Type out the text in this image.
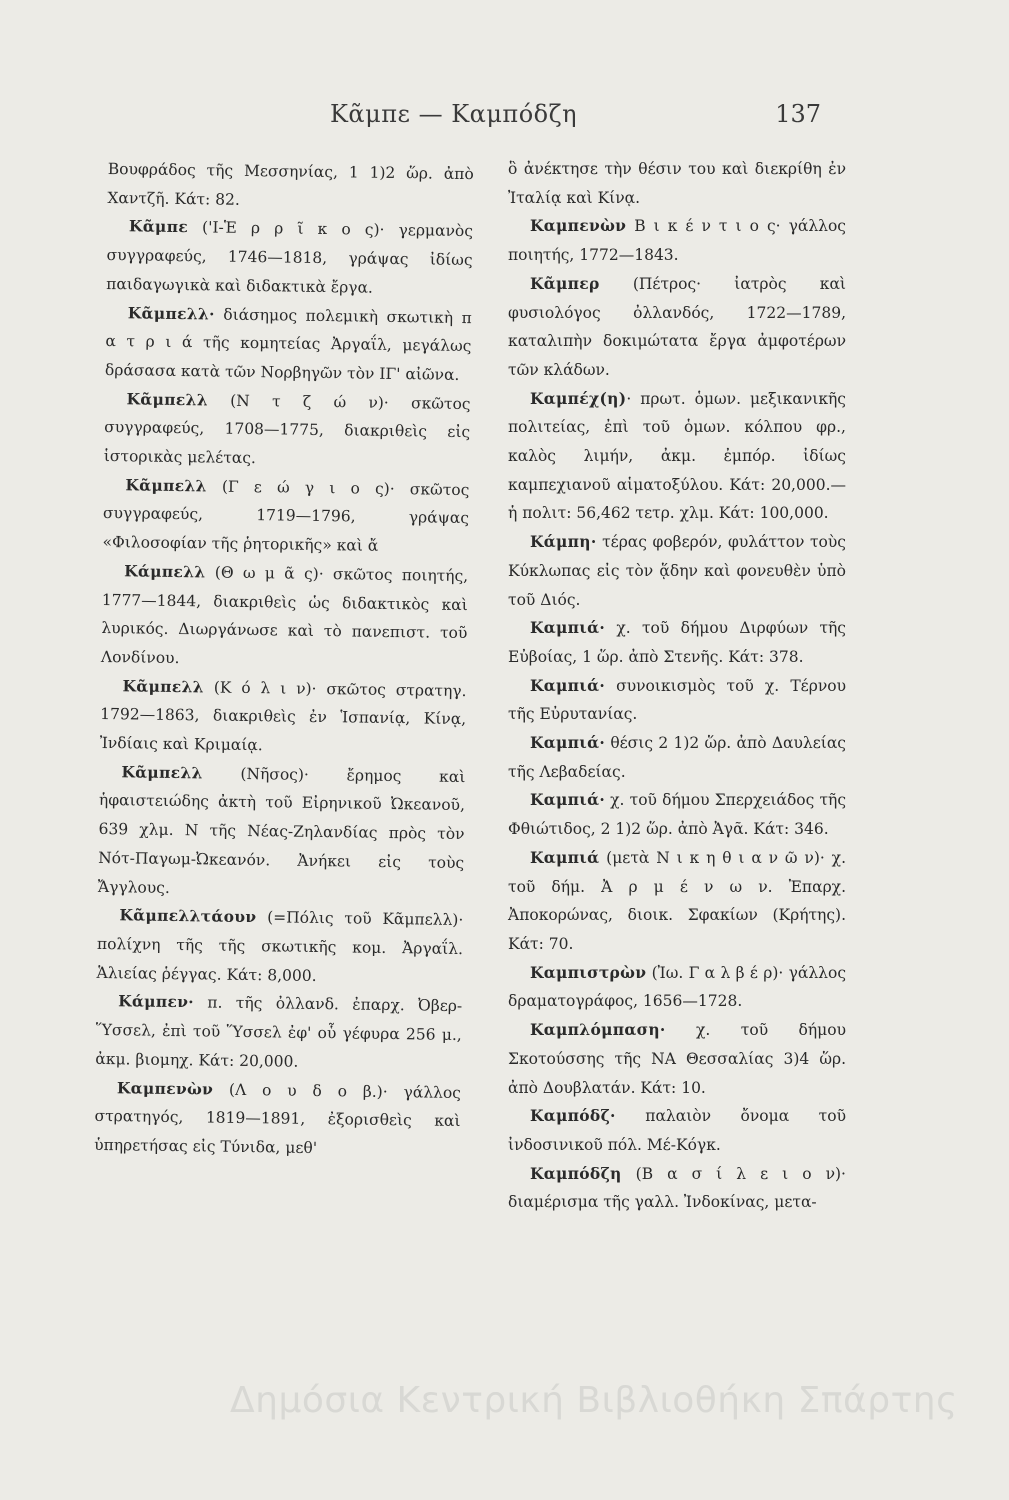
Κᾶμπε — Καμπόδζη	137

Βουφράδος τῆς Μεσσηνίας, 1 1)2 ὥρ. ἀπὸ Χαντζῆ. Κάτ: 82.

Κᾶμπε ('Ι-Ἑ ρ ρ ῖ κ ο ς)· γερμανὸς συγγραφεύς, 1746—1818, γράψας ἰδίως παιδαγωγικὰ καὶ διδακτικὰ ἔργα.

Κᾶμπελλ· διάσημος πολεμικὴ σκωτικὴ π α τ ρ ι ά τῆς κομητείας Ἀργαΐλ, μεγάλως δράσασα κατὰ τῶν Νορβηγῶν τὸν ΙΓ' αἰῶνα.

Κᾶμπελλ (Ν τ ζ ώ ν)· σκῶτος συγγραφεύς, 1708—1775, διακριθεὶς εἰς ἱστορικὰς μελέτας.

Κᾶμπελλ (Γ ε ώ γ ι ο ς)· σκῶτος συγγραφεύς, 1719—1796, γράψας «Φιλοσοφίαν τῆς ῥητορικῆς» καὶ ἄ

Κάμπελλ (Θ ω μ ᾶ ς)· σκῶτος ποιητής, 1777—1844, διακριθεὶς ὡς διδακτικὸς καὶ λυρικός. Διωργάνωσε καὶ τὸ πανεπιστ. τοῦ Λονδίνου.

Κᾶμπελλ (Κ ό λ ι ν)· σκῶτος στρατηγ. 1792—1863, διακριθεὶς ἐν Ἱσπανίᾳ, Κίνᾳ, Ἰνδίαις καὶ Κριμαίᾳ.

Κᾶμπελλ (Νῆσος)· ἔρημος καὶ ἡφαιστειώδης ἀκτὴ τοῦ Εἰρηνικοῦ Ὠκεανοῦ, 639 χλμ. Ν τῆς Νέας-Ζηλανδίας πρὸς τὸν Νότ-Παγωμ-Ὠκεανόν. Ἀνήκει εἰς τοὺς Ἄγγλους.

Κᾶμπελλτάουν (=Πόλις τοῦ Κᾶμπελλ)· πολίχνη τῆς τῆς σκωτικῆς κομ. Ἀργαΐλ. Ἁλιείας ῥέγγας. Κάτ: 8,000.

Κάμπεν· π. τῆς ὀλλανδ. ἐπαρχ. Ὀβερ-Ὕσσελ, ἐπὶ τοῦ Ὕσσελ ἐφ' οὗ γέφυρα 256 μ., ἀκμ. βιομηχ. Κάτ: 20,000.

Καμπενὼν (Λ ο υ δ ο β.)· γάλλος στρατηγός, 1819—1891, ἐξορισθεὶς καὶ ὑπηρετήσας εἰς Τύνιδα, μεθ'

ὃ ἀνέκτησε τὴν θέσιν του καὶ διεκρίθη ἐν Ἰταλίᾳ καὶ Κίνᾳ.

Καμπενὼν Β ι κ έ ν τ ι ο ς· γάλλος ποιητής, 1772—1843.

Κᾶμπερ (Πέτρος· ἰατρὸς καὶ φυσιολόγος ὀλλανδός, 1722—1789, καταλιπὴν δοκιμώτατα ἔργα ἀμφοτέρων τῶν κλάδων.

Καμπέχ(η)· πρωτ. ὁμων. μεξικανικῆς πολιτείας, ἐπὶ τοῦ ὁμων. κόλπου φρ., καλὸς λιμήν, ἀκμ. ἐμπόρ. ἰδίως καμπεχιανοῦ αἱματοξύλου. Κάτ: 20,000.—ἡ πολιτ: 56,462 τετρ. χλμ. Κάτ: 100,000.

Κάμπη· τέρας φοβερόν, φυλάττον τοὺς Κύκλωπας εἰς τὸν ᾅδην καὶ φονευθὲν ὑπὸ τοῦ Διός.

Καμπιά· χ. τοῦ δήμου Διρφύων τῆς Εὐβοίας, 1 ὥρ. ἀπὸ Στενῆς. Κάτ: 378.

Καμπιά· συνοικισμὸς τοῦ χ. Τέρνου τῆς Εὐρυτανίας.

Καμπιά· θέσις 2 1)2 ὥρ. ἀπὸ Δαυλείας τῆς Λεβαδείας.

Καμπιά· χ. τοῦ δήμου Σπερχειάδος τῆς Φθιώτιδος, 2 1)2 ὥρ. ἀπὸ Ἀγᾶ. Κάτ: 346.

Καμπιά (μετὰ Ν ι κ η θ ι α ν ῶ ν)· χ. τοῦ δήμ. Ἀ ρ μ έ ν ω ν. Ἐπαρχ. Ἀποκορώνας, διοικ. Σφακίων (Κρήτης). Κάτ: 70.

Καμπιστρὼν (Ἰω. Γ α λ β έ ρ)· γάλλος δραματογράφος, 1656—1728.

Καμπλόμπαση· χ. τοῦ δήμου Σκοτούσσης τῆς ΝΑ Θεσσαλίας 3)4 ὥρ. ἀπὸ Δουβλατάν. Κάτ: 10.

Καμπόδζ· παλαιὸν ὄνομα τοῦ ἰνδοσινικοῦ πόλ. Μέ-Κόγκ.

Καμπόδζη (Β α σ ί λ ε ι ο ν)· διαμέρισμα τῆς γαλλ. Ἰνδοκίνας, μετα-

Δημόσια Κεντρική Βιβλιοθήκη Σπάρτης
